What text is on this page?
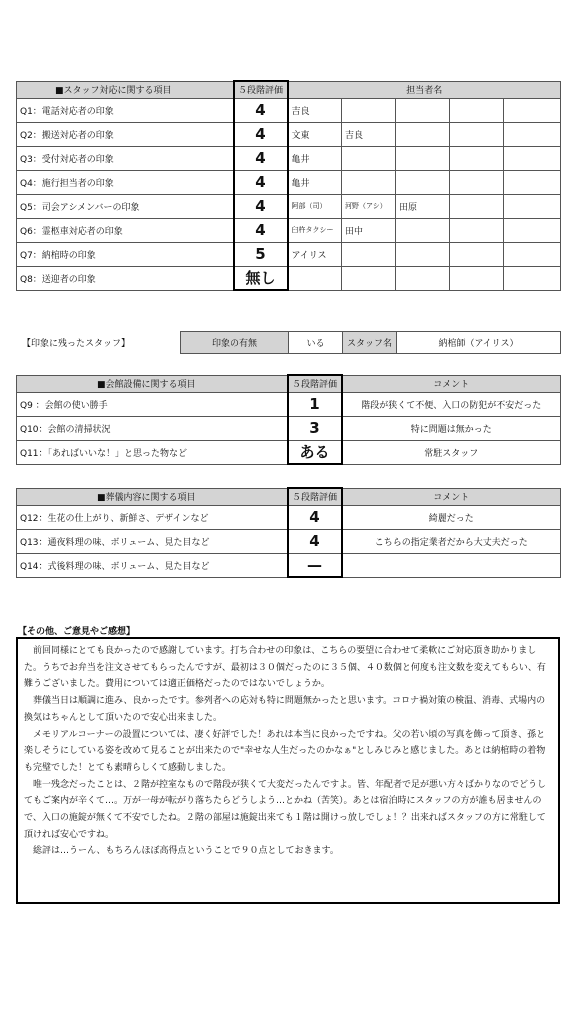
■スタッフ対応に関する項目	５段階評価	担当者名				
Q1：電話対応者の印象	4	吉良				
Q2：搬送対応者の印象	4	文東	吉良			
Q3：受付対応者の印象	4	亀井				
Q4：施行担当者の印象	4	亀井				
Q5：司会アシメンバーの印象	4	阿部（司）	河野（アシ）	田原		
Q6：霊柩車対応者の印象	4	臼杵タクシー	田中			
Q7：納棺時の印象	5	アイリス				
Q8：送迎者の印象	無し					
【印象に残ったスタッフ】	印象の有無	いる	スタッフ名	納棺師（アイリス）
■会館設備に関する項目	５段階評価	コメント
Q9 ：会館の使い勝手	1	階段が狭くて不便、入口の防犯が不安だった
Q10：会館の清掃状況	3	特に問題は無かった
Q11：「あればいいな！」と思った物など	ある	常駐スタッフ
■葬儀内容に関する項目	５段階評価	コメント
Q12：生花の仕上がり、新鮮さ、デザインなど	4	綺麗だった
Q13：通夜料理の味、ボリューム、見た目など	4	こちらの指定業者だから大丈夫だった
Q14：式後料理の味、ボリューム、見た目など	—	
【その他、ご意見やご感想】

前回同様にとても良かったので感謝しています。打ち合わせの印象は、こちらの要望に合わせて柔軟にご対応頂き助かりました。うちでお弁当を注文させてもらったんですが、最初は３０個だったのに３５個、４０数個と何度も注文数を変えてもらい、有難うございました。費用については適正価格だったのではないでしょうか。

葬儀当日は順調に進み、良かったです。参列者への応対も特に問題無かったと思います。コロナ禍対策の検温、消毒、式場内の換気はちゃんとして頂いたので安心出来ました。

メモリアルコーナーの設置については、凄く好評でした！あれは本当に良かったですね。父の若い頃の写真を飾って頂き、孫と楽しそうにしている姿を改めて見ることが出来たので"幸せな人生だったのかなぁ"としみじみと感じました。あとは納棺時の着物も完璧でした！とても素晴らしくて感動しました。

唯一残念だったことは、２階が控室なもので階段が狭くて大変だったんですよ。皆、年配者で足が悪い方々ばかりなのでどうしてもご案内が辛くて…。万が一母が転がり落ちたらどうしよう…とかね（苦笑）。あとは宿泊時にスタッフの方が誰も居ませんので、入口の施錠が無くて不安でしたね。２階の部屋は施錠出来ても１階は開けっ放しでしょ！？出来ればスタッフの方に常駐して頂ければ安心ですね。

総評は…うーん、もちろんほぼ高得点ということで９０点としておきます。
